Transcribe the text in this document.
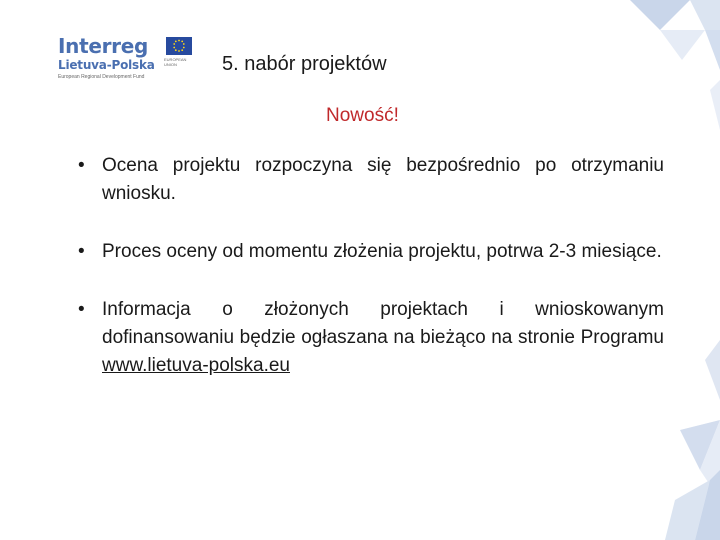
Interreg
EUROPEAN UNION
Lietuva-Polska
European Regional Development Fund
5. nabór projektów
Nowość!
• Ocena projektu rozpoczyna się bezpośrednio po otrzymaniu wniosku.
• Proces oceny od momentu złożenia projektu, potrwa 2-3 miesiące.
• Informacja o złożonych projektach i wnioskowanym dofinansowaniu będzie ogłaszana na bieżąco na stronie Programu www.lietuva-polska.eu
